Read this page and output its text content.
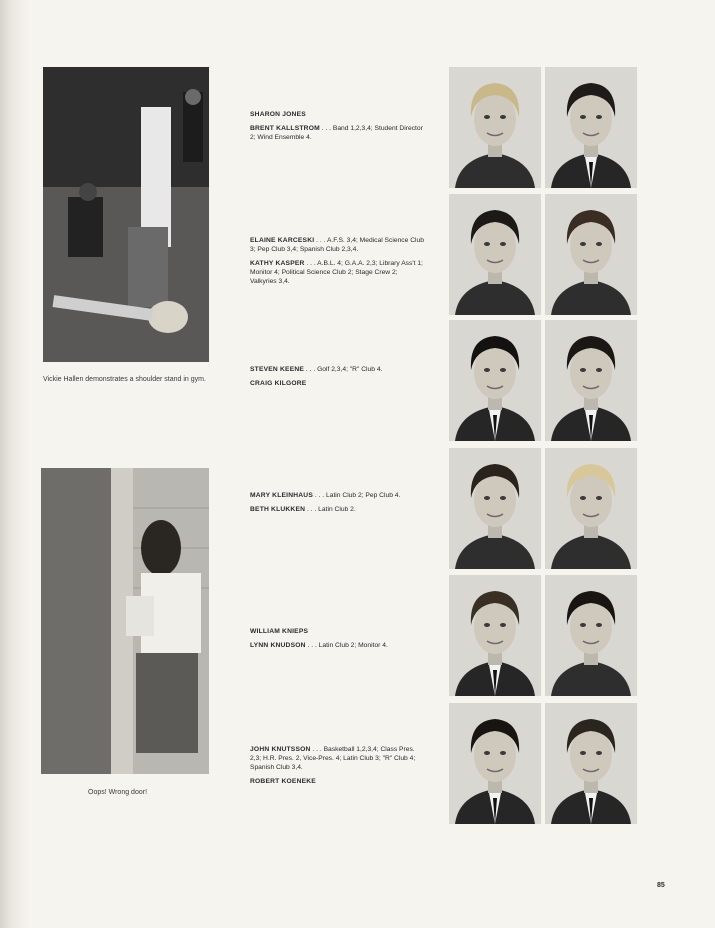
Vickie Hallen demonstrates a shoulder stand in gym.
Oops! Wrong door!

SHARON JONES

BRENT KALLSTROM . . . Band 1,2,3,4; Student Director 2; Wind Ensemble 4.

ELAINE KARCESKI . . . A.F.S. 3,4; Medical Science Club 3; Pep Club 3,4; Spanish Club 2,3,4.

KATHY KASPER . . . A.B.L. 4; G.A.A. 2,3; Library Ass't 1; Monitor 4; Political Science Club 2; Stage Crew 2; Valkyries 3,4.

STEVEN KEENE . . . Golf 2,3,4; "R" Club 4.

CRAIG KILGORE

MARY KLEINHAUS . . . Latin Club 2; Pep Club 4.

BETH KLUKKEN . . . Latin Club 2.

WILLIAM KNIEPS

LYNN KNUDSON . . . Latin Club 2; Monitor 4.

JOHN KNUTSSON . . . Basketball 1,2,3,4; Class Pres. 2,3; H.R. Pres. 2, Vice-Pres. 4; Latin Club 3; "R" Club 4; Spanish Club 3,4.

ROBERT KOENEKE

85
